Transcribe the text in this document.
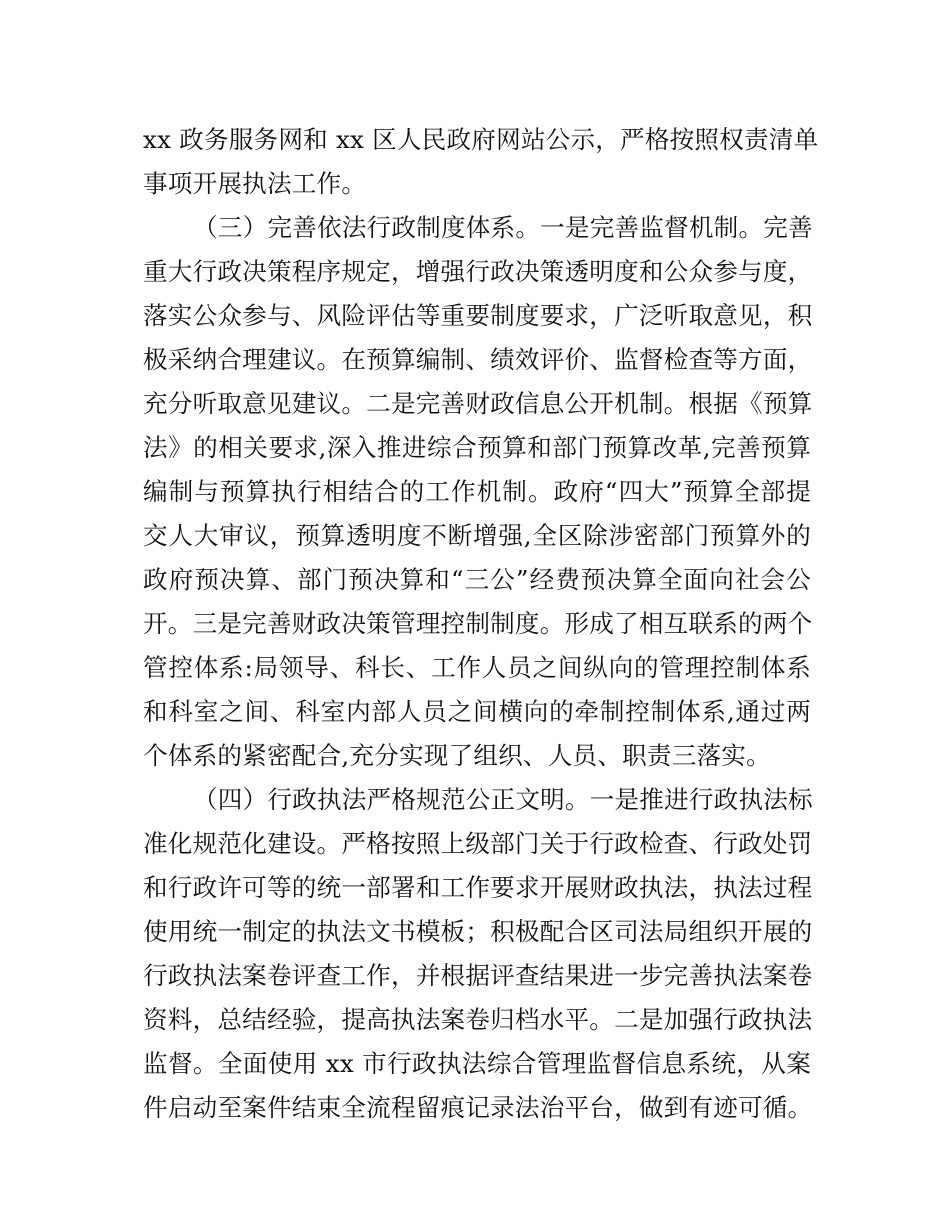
xx 政务服务网和 xx 区人民政府网站公示，严格按照权责清单
事项开展执法工作。
（三）完善依法行政制度体系。一是完善监督机制。完善
重大行政决策程序规定，增强行政决策透明度和公众参与度，
落实公众参与、风险评估等重要制度要求，广泛听取意见，积
极采纳合理建议。在预算编制、绩效评价、监督检查等方面，
充分听取意见建议。二是完善财政信息公开机制。根据《预算
法》的相关要求,深入推进综合预算和部门预算改革,完善预算
编制与预算执行相结合的工作机制。政府“四大”预算全部提
交人大审议，预算透明度不断增强,全区除涉密部门预算外的
政府预决算、部门预决算和“三公”经费预决算全面向社会公
开。三是完善财政决策管理控制制度。形成了相互联系的两个
管控体系:局领导、科长、工作人员之间纵向的管理控制体系
和科室之间、科室内部人员之间横向的牵制控制体系,通过两
个体系的紧密配合,充分实现了组织、人员、职责三落实。
（四）行政执法严格规范公正文明。一是推进行政执法标
准化规范化建设。严格按照上级部门关于行政检查、行政处罚
和行政许可等的统一部署和工作要求开展财政执法，执法过程
使用统一制定的执法文书模板；积极配合区司法局组织开展的
行政执法案卷评查工作，并根据评查结果进一步完善执法案卷
资料，总结经验，提高执法案卷归档水平。二是加强行政执法
监督。全面使用 xx 市行政执法综合管理监督信息系统，从案
件启动至案件结束全流程留痕记录法治平台，做到有迹可循。
